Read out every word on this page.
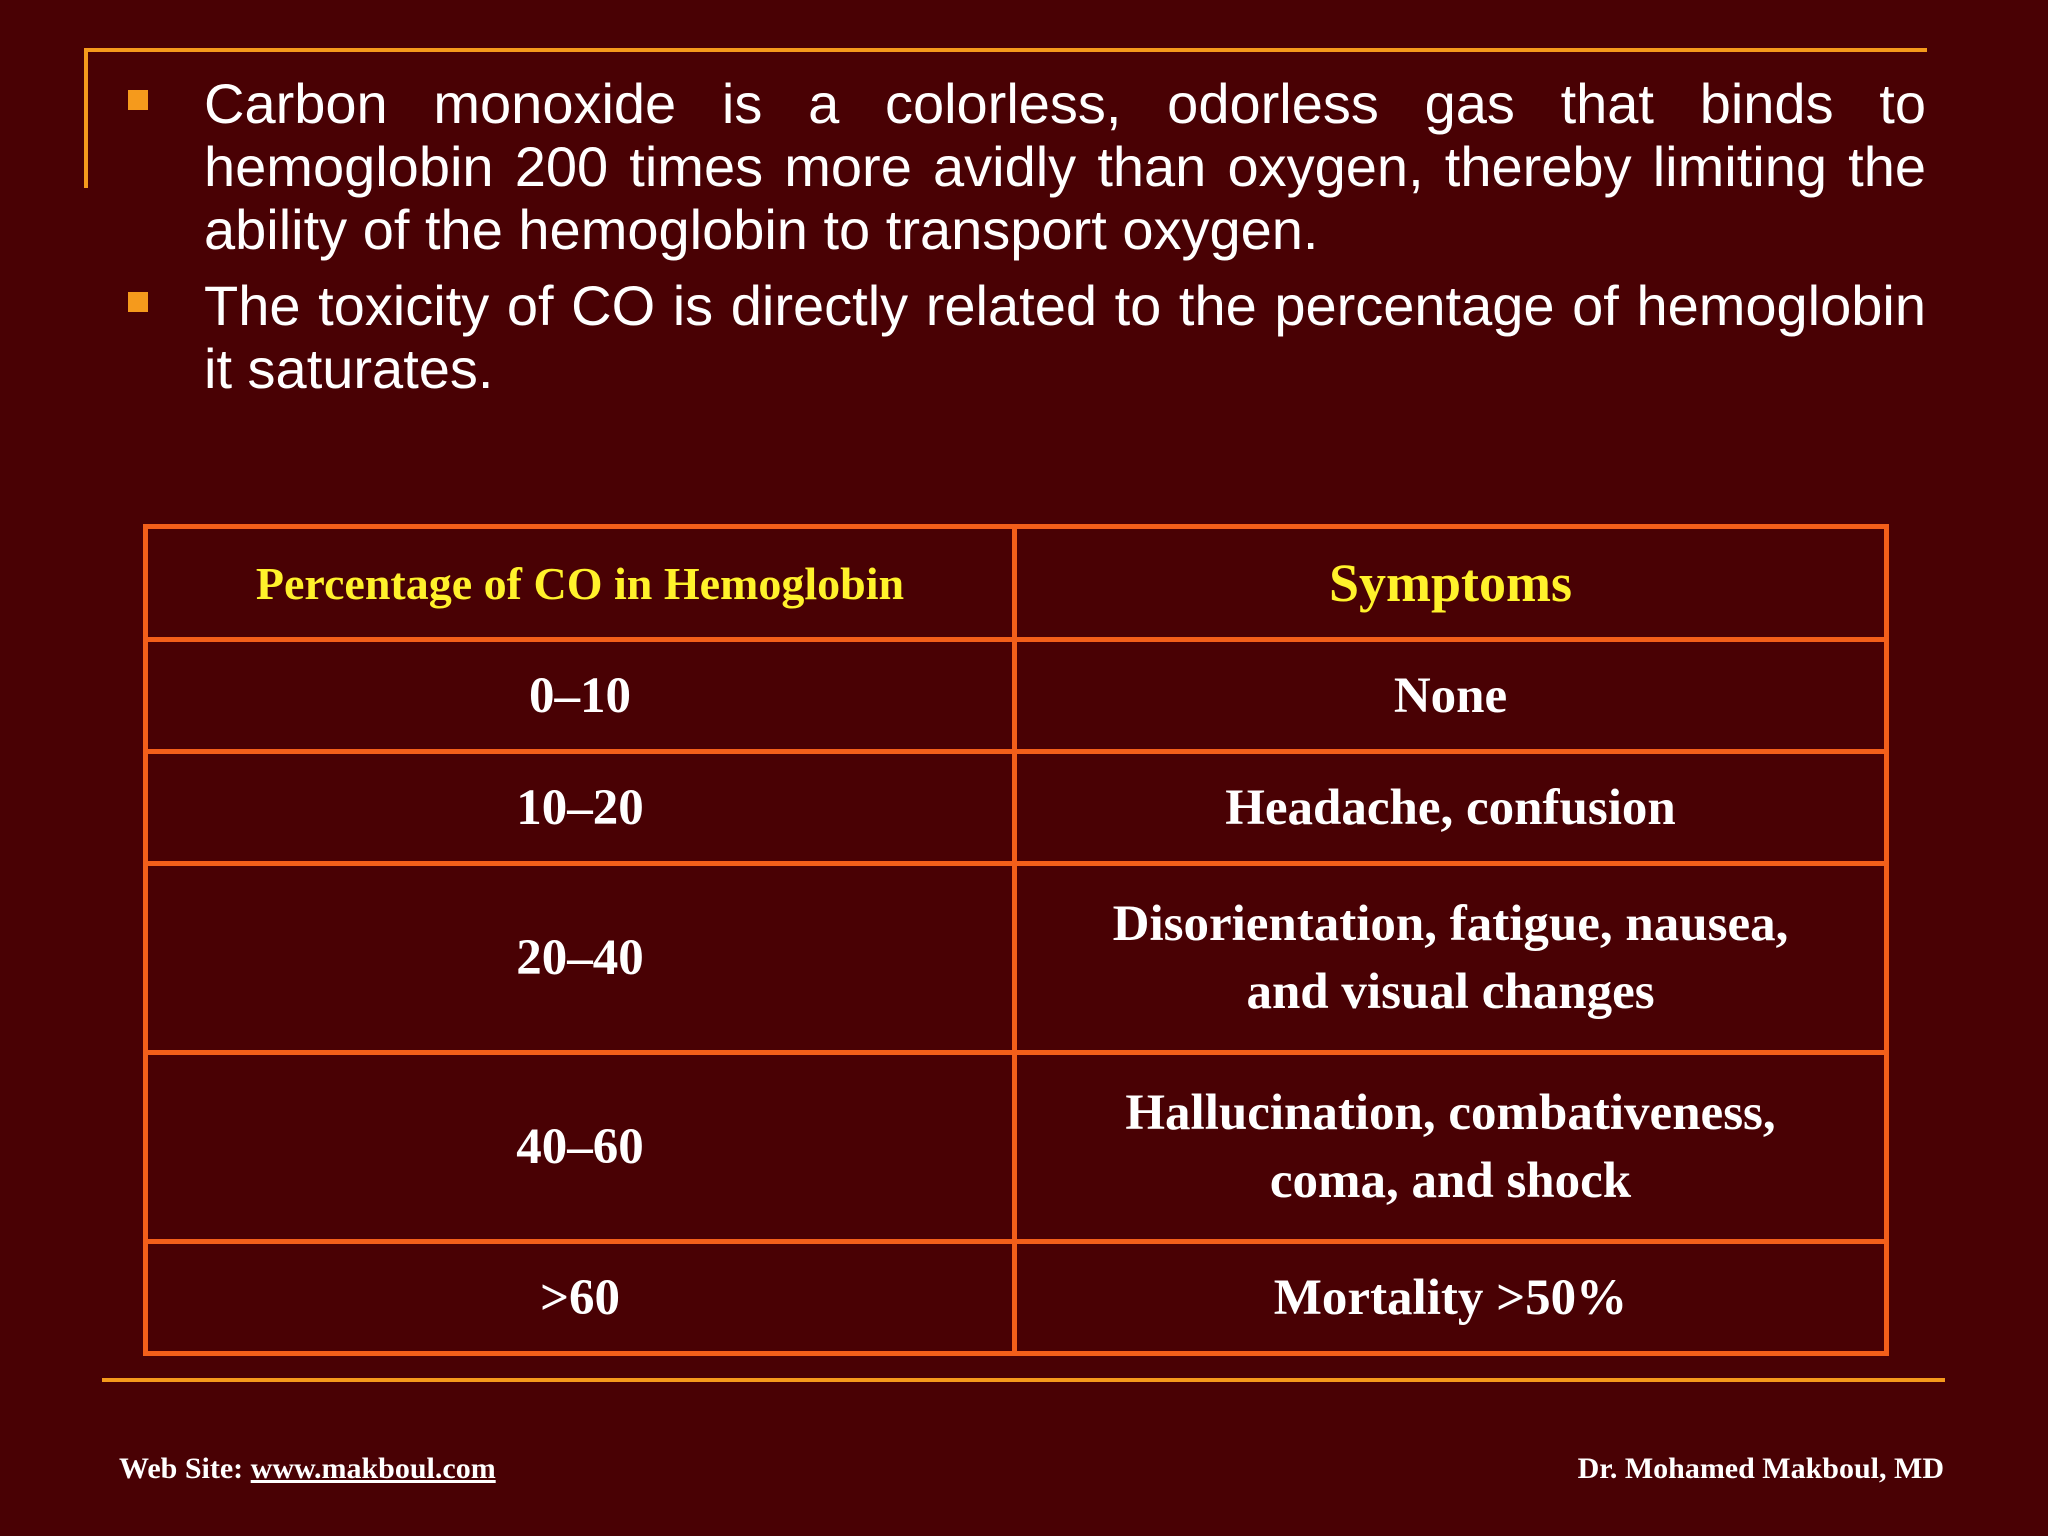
Carbon monoxide is a colorless, odorless gas that binds to hemoglobin 200 times more avidly than oxygen, thereby limiting the ability of the hemoglobin to transport oxygen.
The toxicity of CO is directly related to the percentage of hemoglobin it saturates.
Percentage of CO in Hemoglobin	Symptoms
0–10	None
10–20	Headache, confusion
20–40	Disorientation, fatigue, nausea, and visual changes

40–60	Hallucination, combativeness, coma, and shock

>60	Mortality >50%
Web Site: www.makboul.com	Dr. Mohamed Makboul, MD
